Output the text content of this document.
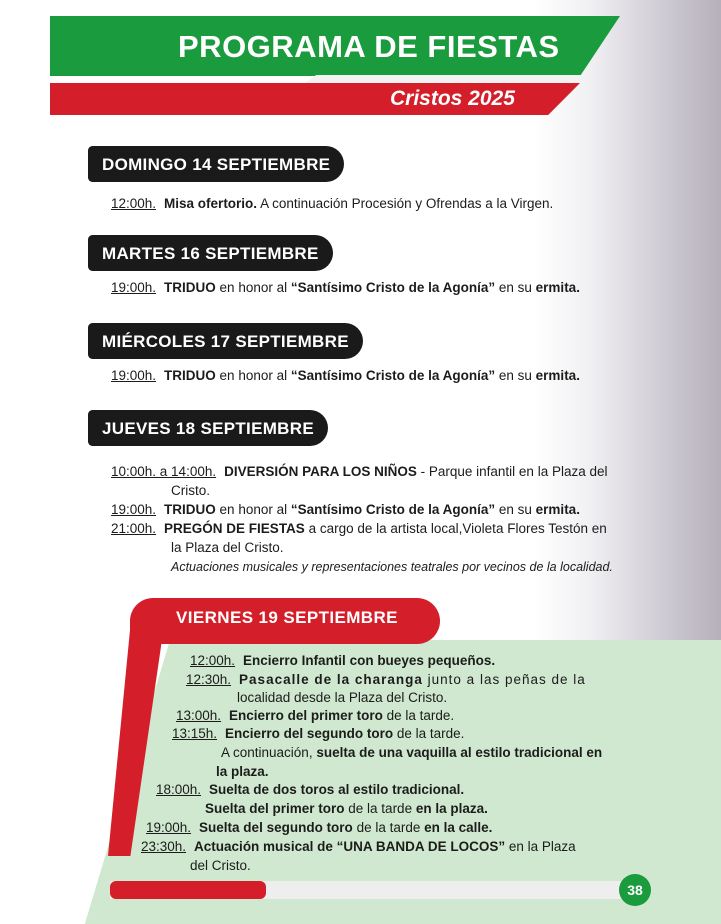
PROGRAMA DE FIESTAS
Cristos 2025
DOMINGO 14 SEPTIEMBRE
12:00h. Misa ofertorio. A continuación Procesión y Ofrendas a la Virgen.
MARTES 16 SEPTIEMBRE
19:00h. TRIDUO en honor al “Santísimo Cristo de la Agonía” en su ermita.
MIÉRCOLES 17 SEPTIEMBRE
19:00h. TRIDUO en honor al “Santísimo Cristo de la Agonía” en su ermita.
JUEVES 18 SEPTIEMBRE
10:00h. a 14:00h. DIVERSIÓN PARA LOS NIÑOS - Parque infantil en la Plaza del
Cristo.
19:00h. TRIDUO en honor al “Santísimo Cristo de la Agonía” en su ermita.
21:00h. PREGÓN DE FIESTAS a cargo de la artista local,Violeta Flores Testón en
la Plaza del Cristo.
Actuaciones musicales y representaciones teatrales por vecinos de la localidad.
VIERNES 19 SEPTIEMBRE
12:00h. Encierro Infantil con bueyes pequeños.
12:30h. Pasacalle de la charanga junto a las peñas de la
localidad desde la Plaza del Cristo.
13:00h. Encierro del primer toro de la tarde.
13:15h. Encierro del segundo toro de la tarde.
A continuación, suelta de una vaquilla al estilo tradicional en
la plaza.
18:00h. Suelta de dos toros al estilo tradicional.
Suelta del primer toro de la tarde en la plaza.
19:00h. Suelta del segundo toro de la tarde en la calle.
23:30h. Actuación musical de “UNA BANDA DE LOCOS” en la Plaza
del Cristo.
38
